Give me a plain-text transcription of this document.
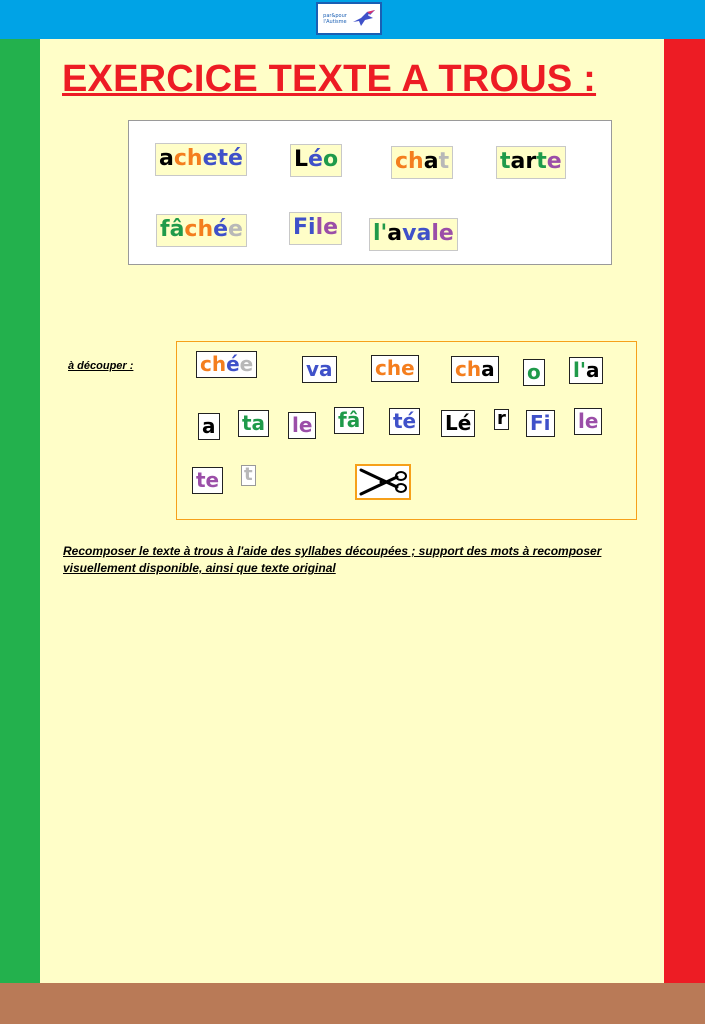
par&pour
l'Autisme
EXERCICE TEXTE A TROUS :
acheté Léo	chat tarte
fâchée File l'avale
à découper :	chée	va che cha o l'a
a ta le fâ té Lé r Fi le
te t
Recomposer le texte à trous à l'aide des syllabes découpées ; support des mots à recomposer visuellement disponible, ainsi que texte original
